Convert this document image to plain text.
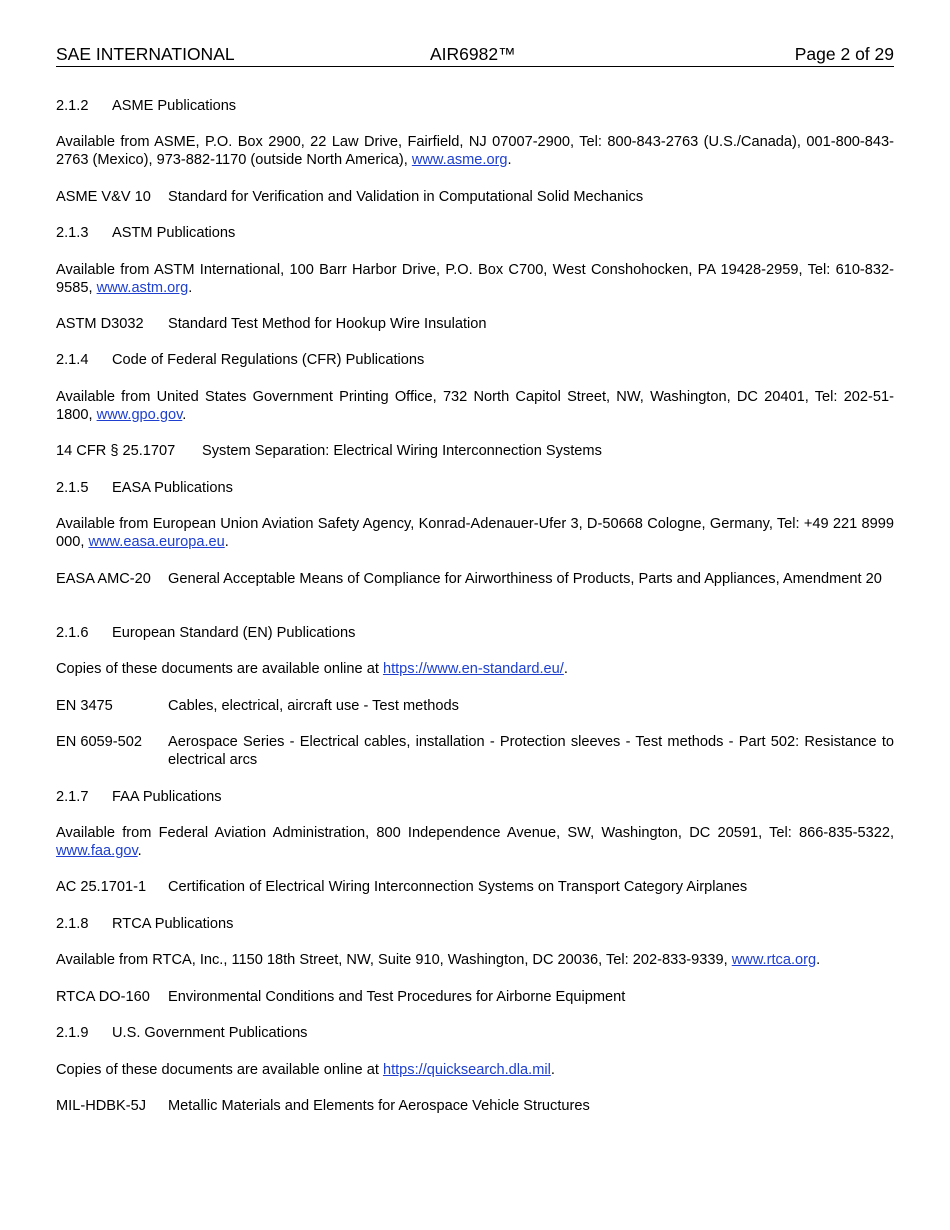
SAE INTERNATIONAL	AIR6982™	Page 2 of 29

2.1.2 ASME Publications

Available from ASME, P.O. Box 2900, 22 Law Drive, Fairfield, NJ 07007-2900, Tel: 800-843-2763 (U.S./Canada), 001-800-843-2763 (Mexico), 973-882-1170 (outside North America), www.asme.org.

ASME V&V 10	Standard for Verification and Validation in Computational Solid Mechanics

2.1.3 ASTM Publications

Available from ASTM International, 100 Barr Harbor Drive, P.O. Box C700, West Conshohocken, PA 19428-2959, Tel: 610-832-9585, www.astm.org.

ASTM D3032	Standard Test Method for Hookup Wire Insulation

2.1.4 Code of Federal Regulations (CFR) Publications

Available from United States Government Printing Office, 732 North Capitol Street, NW, Washington, DC 20401, Tel: 202-51-1800, www.gpo.gov.

14 CFR § 25.1707	System Separation: Electrical Wiring Interconnection Systems

2.1.5 EASA Publications

Available from European Union Aviation Safety Agency, Konrad-Adenauer-Ufer 3, D-50668 Cologne, Germany, Tel: +49 221 8999 000, www.easa.europa.eu.

EASA AMC-20	General Acceptable Means of Compliance for Airworthiness of Products, Parts and Appliances, Amendment 20

2.1.6 European Standard (EN) Publications

Copies of these documents are available online at https://www.en-standard.eu/.

EN 3475	Cables, electrical, aircraft use - Test methods
EN 6059-502	Aerospace Series - Electrical cables, installation - Protection sleeves - Test methods - Part 502: Resistance to electrical arcs

2.1.7 FAA Publications

Available from Federal Aviation Administration, 800 Independence Avenue, SW, Washington, DC 20591, Tel: 866-835-5322, www.faa.gov.

AC 25.1701-1	Certification of Electrical Wiring Interconnection Systems on Transport Category Airplanes

2.1.8 RTCA Publications

Available from RTCA, Inc., 1150 18th Street, NW, Suite 910, Washington, DC 20036, Tel: 202-833-9339, www.rtca.org.

RTCA DO-160	Environmental Conditions and Test Procedures for Airborne Equipment

2.1.9 U.S. Government Publications

Copies of these documents are available online at https://quicksearch.dla.mil.

MIL-HDBK-5J	Metallic Materials and Elements for Aerospace Vehicle Structures
